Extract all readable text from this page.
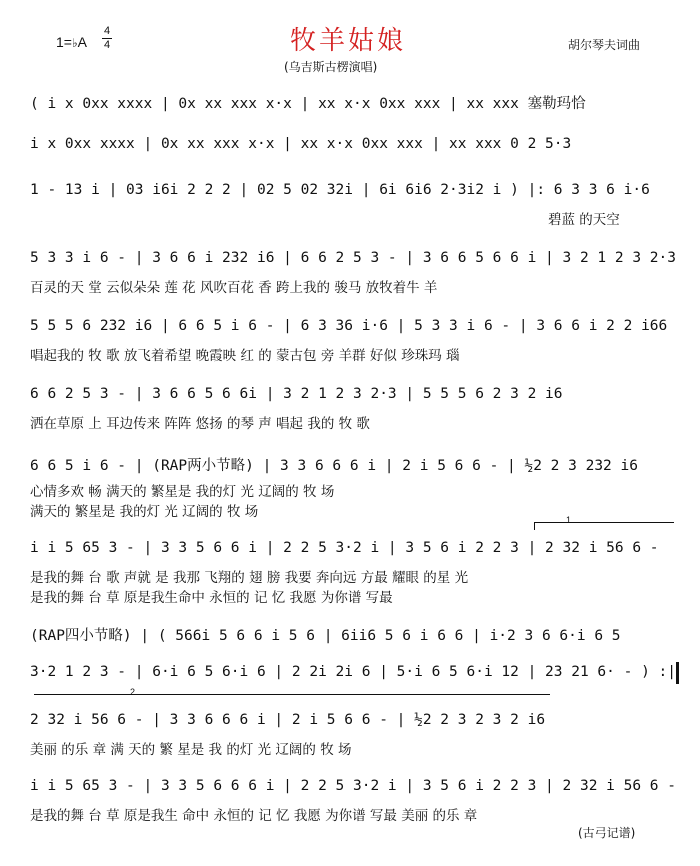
1=♭A
4
4	牧羊姑娘	胡尔琴夫词曲
(乌吉斯古楞演唱)
( i x 0xx xxxx | 0x xx xxx x·x | xx x·x 0xx xxx | xx xxx 塞勒玛恰
i x 0xx xxxx | 0x xx xxx x·x | xx x·x 0xx xxx | xx xxx 0 2 5·3
1 - 13 i | 03 i6i 2 2 2 | 02 5 02 32i | 6i 6i6 2·3i2 i ) |: 6 3 3 6 i·6
碧蓝 的天空
5 3 3 i 6 - | 3 6 6 i 232 i6 | 6 6 2 5 3 - | 3 6 6 5 6 6 i | 3 2 1 2 3 2·3
百灵的天 堂 云似朵朵 莲 花 风吹百花 香 跨上我的 骏马 放牧着牛 羊
5 5 5 6 232 i6 | 6 6 5 i 6 - | 6 3 36 i·6 | 5 3 3 i 6 - | 3 6 6 i 2 2 i66
唱起我的 牧 歌 放飞着希望 晚霞映 红 的 蒙古包 旁 羊群 好似 珍珠玛 瑙
6 6 2 5 3 - | 3 6 6 5 6 6i | 3 2 1 2 3 2·3 | 5 5 5 6 2 3 2 i6
洒在草原 上 耳边传来 阵阵 悠扬 的琴 声 唱起 我的 牧 歌
6 6 5 i 6 - | (RAP两小节略) | 3 3 6 6 6 i | 2 i 5 6 6 - | ½2 2 3 232 i6
心情多欢 畅 满天的 繁星是 我的灯 光 辽阔的 牧 场
满天的 繁星是 我的灯 光 辽阔的 牧 场	1
i i 5 65 3 - | 3 3 5 6 6 i | 2 2 5 3·2 i | 3 5 6 i 2 2 3 | 2 32 i 56 6 -
是我的舞 台 歌 声就 是 我那 飞翔的 翅 膀 我要 奔向远 方最 耀眼 的星 光
是我的舞 台 草 原是我生命中 永恒的 记 忆 我愿 为你谱 写最
(RAP四小节略) | ( 566i 5 6 6 i 5 6 | 6ii6 5 6 i 6 6 | i·2 3 6 6·i 6 5
3·2 1 2 3 - | 6·i 6 5 6·i 6 | 2 2i 2i 6 | 5·i 6 5 6·i 12 | 23 21 6· - ) :|
2
2 32 i 56 6 - | 3 3 6 6 6 i | 2 i 5 6 6 - | ½2 2 3 2 3 2 i6
美丽 的乐 章 满 天的 繁 星是 我 的灯 光 辽阔的 牧 场
i i 5 65 3 - | 3 3 5 6 6 6 i | 2 2 5 3·2 i | 3 5 6 i 2 2 3 | 2 32 i 56 6 -
是我的舞 台 草 原是我生 命中 永恒的 记 忆 我愿 为你谱 写最 美丽 的乐 章
(古弓记谱)
